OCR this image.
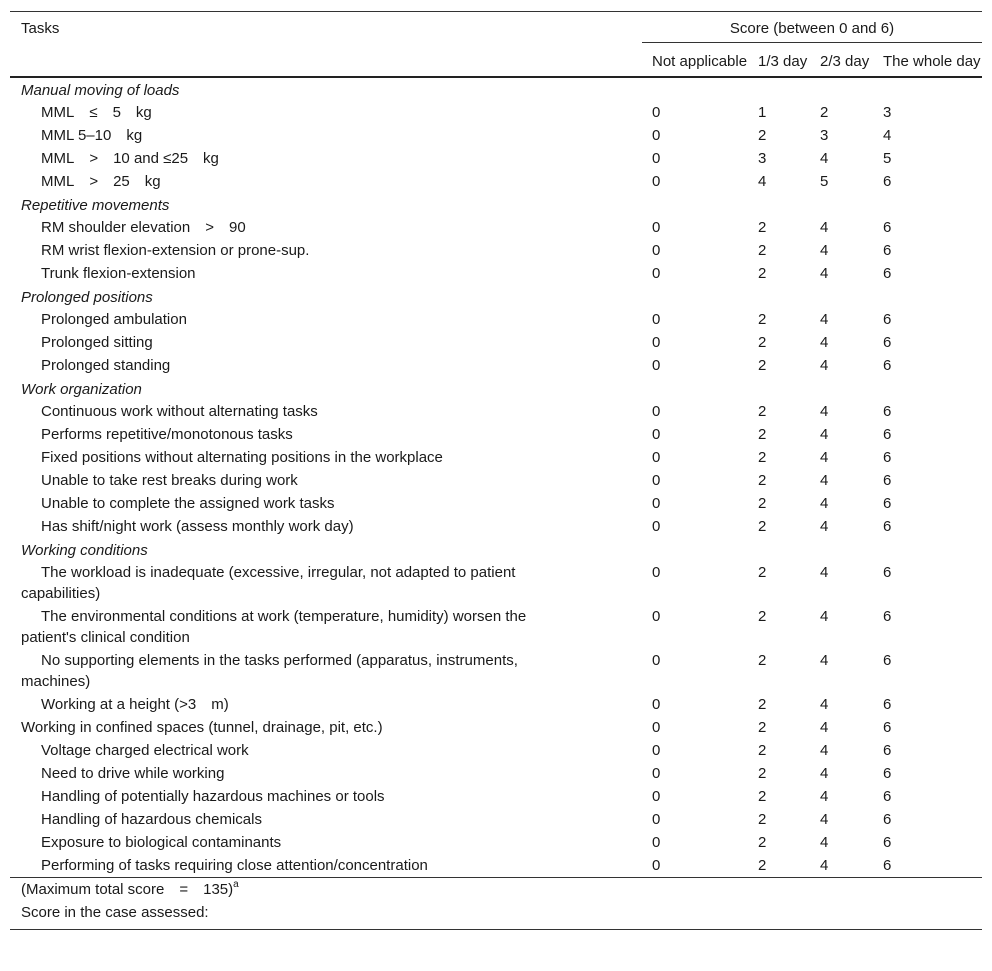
Tasks	Score (between 0 and 6)			
	Not applicable	1/3 day	2/3 day	The whole day
Manual moving of loads				
MML  ≤  5  kg	0	1	2	3
MML 5–10  kg	0	2	3	4
MML  >  10 and ≤25  kg	0	3	4	5
MML  >  25  kg	0	4	5	6
Repetitive movements				
RM shoulder elevation  >  90	0	2	4	6
RM wrist flexion-extension or prone-sup.	0	2	4	6
Trunk flexion-extension	0	2	4	6
Prolonged positions				
Prolonged ambulation	0	2	4	6
Prolonged sitting	0	2	4	6
Prolonged standing	0	2	4	6
Work organization				
Continuous work without alternating tasks	0	2	4	6
Performs repetitive/monotonous tasks	0	2	4	6
Fixed positions without alternating positions in the workplace	0	2	4	6
Unable to take rest breaks during work	0	2	4	6
Unable to complete the assigned work tasks	0	2	4	6
Has shift/night work (assess monthly work day)	0	2	4	6
Working conditions				
The workload is inadequate (excessive, irregular, not adapted to patient capabilities)	0	2	4	6
The environmental conditions at work (temperature, humidity) worsen the patient's clinical condition	0	2	4	6
No supporting elements in the tasks performed (apparatus, instruments, machines)	0	2	4	6
Working at a height (>3  m)	0	2	4	6
Working in confined spaces (tunnel, drainage, pit, etc.)	0	2	4	6
Voltage charged electrical work	0	2	4	6
Need to drive while working	0	2	4	6
Handling of potentially hazardous machines or tools	0	2	4	6
Handling of hazardous chemicals	0	2	4	6
Exposure to biological contaminants	0	2	4	6
Performing of tasks requiring close attention/concentration	0	2	4	6
(Maximum total score  =  135)$^a$
Score in the case assessed:				
